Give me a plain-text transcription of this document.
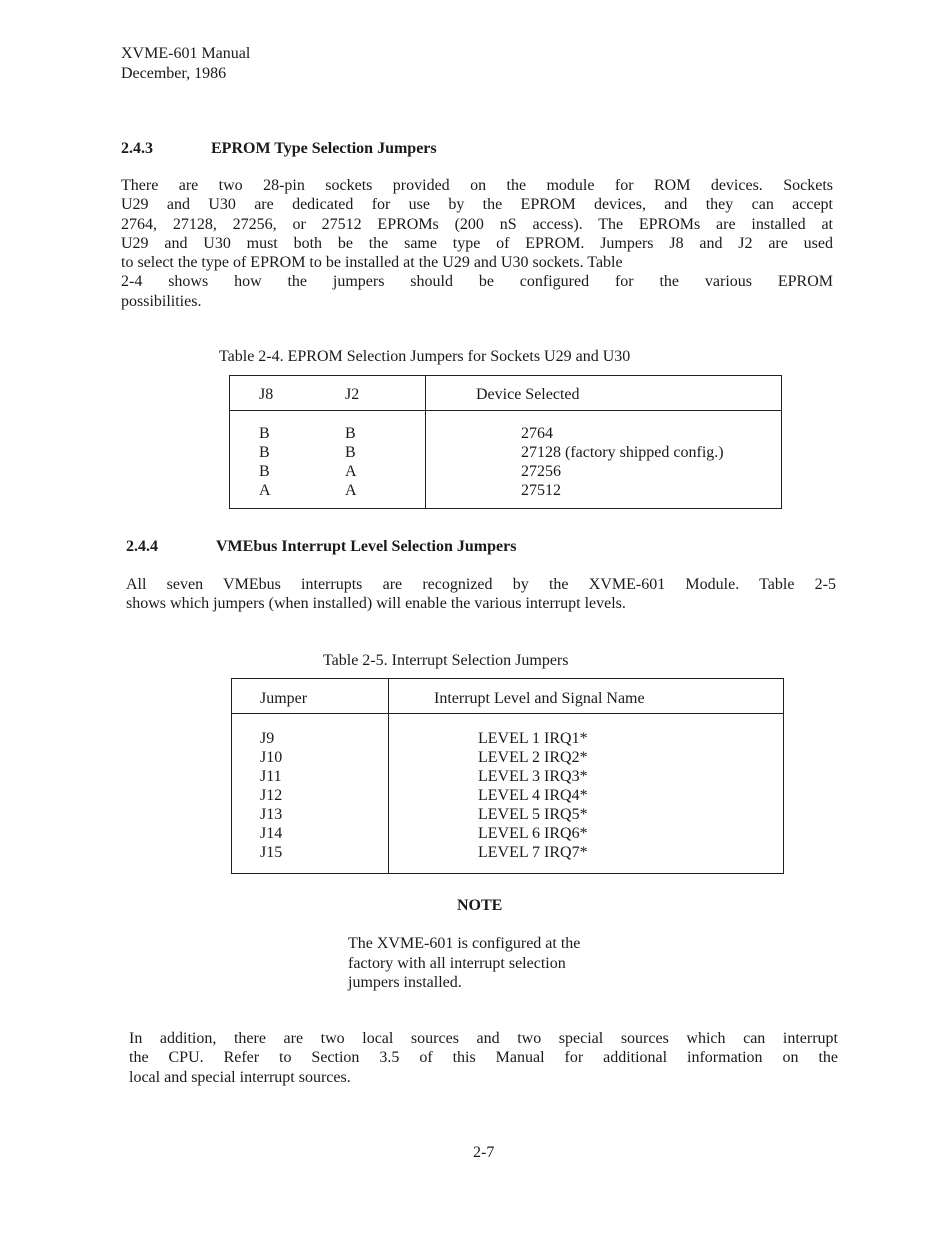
XVME-601 Manual
December, 1986
2.4.3	EPROM Type Selection Jumpers
There are two 28-pin sockets provided on the module for ROM devices. Sockets
U29 and U30 are dedicated for use by the EPROM devices, and they can accept
2764, 27128, 27256, or 27512 EPROMs (200 nS access). The EPROMs are installed at
U29 and U30 must both be the same type of EPROM. Jumpers J8 and J2 are used
to select the type of EPROM to be installed at the U29 and U30 sockets. Table
2-4 shows how the jumpers should be configured for the various EPROM
possibilities.
Table 2-4. EPROM Selection Jumpers for Sockets U29 and U30
J8	J2	Device Selected
B	B	2764
B	B	27128 (factory shipped config.)
B	A	27256
A	A	27512
2.4.4	VMEbus Interrupt Level Selection Jumpers
All seven VMEbus interrupts are recognized by the XVME-601 Module. Table 2-5
shows which jumpers (when installed) will enable the various interrupt levels.
Table 2-5. Interrupt Selection Jumpers
Jumper	Interrupt Level and Signal Name
J9	LEVEL 1 IRQ1*
J10	LEVEL 2 IRQ2*
J11	LEVEL 3 IRQ3*
J12	LEVEL 4 IRQ4*
J13	LEVEL 5 IRQ5*
J14	LEVEL 6 IRQ6*
J15	LEVEL 7 IRQ7*
NOTE
The XVME-601 is configured at the
factory with all interrupt selection
jumpers installed.
In addition, there are two local sources and two special sources which can interrupt
the CPU. Refer to Section 3.5 of this Manual for additional information on the
local and special interrupt sources.
2-7
